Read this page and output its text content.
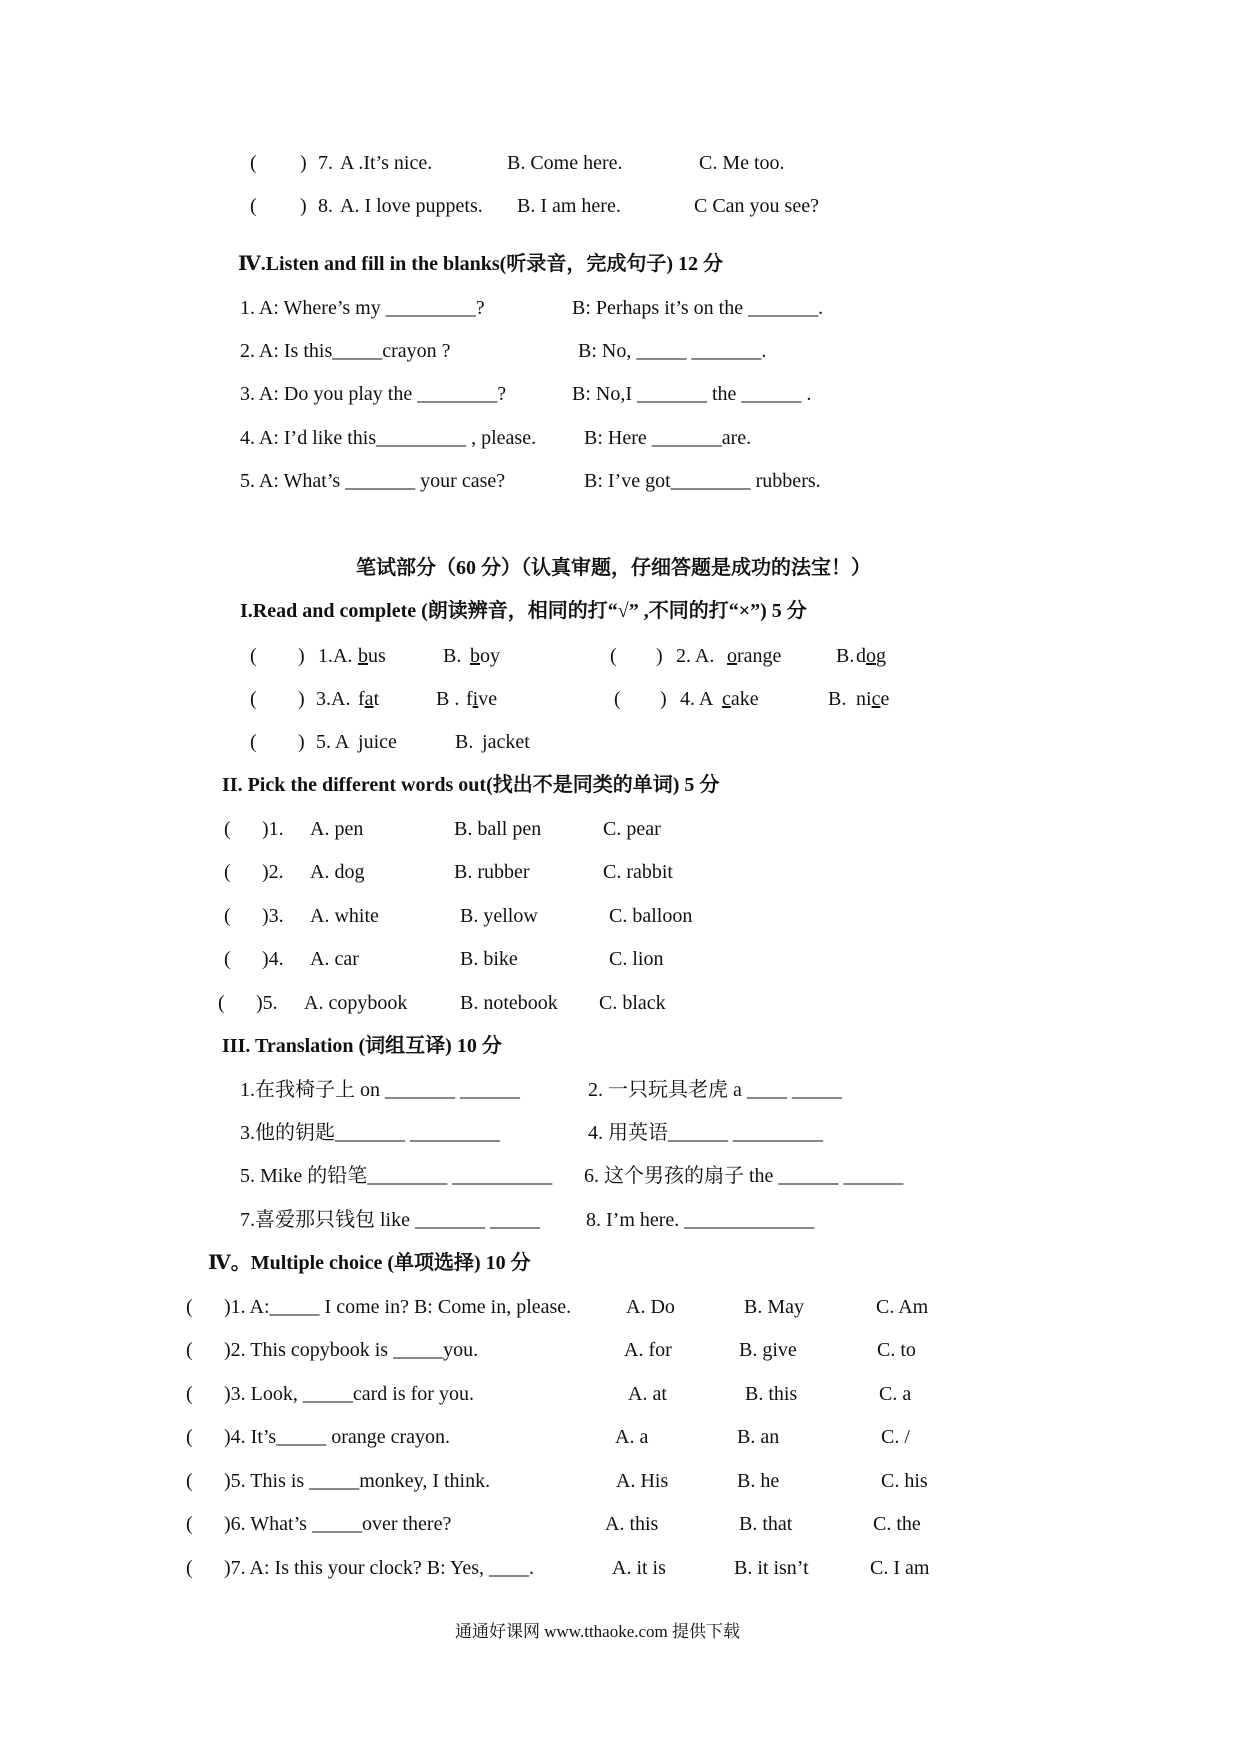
( ) 7. A .It’s nice.	B. Come here.	C. Me too.
( ) 8. A. I love puppets. B. I am here.	C Can you see?
Ⅳ.Listen and fill in the blanks(听录音，完成句子) 12 分
1. A: Where’s my _________?	B: Perhaps it’s on the _______.
2. A: Is this_____crayon ?	B: No, _____ _______.
3. A: Do you play the ________?	B: No,I _______ the ______ .
4. A: I’d like this_________ , please. B: Here _______are.
5. A: What’s _______ your case?	B: I’ve got________ rubbers.
笔试部分（60 分）（认真审题，仔细答题是成功的法宝！）
I.Read and complete (朗读辨音，相同的打“√” ,不同的打“×”) 5 分
( ) 1.A. bus	B. boy	( ) 2. A. orange	B. dog
( ) 3.A. fat	B . five	( ) 4. A cake	B. nice
( ) 5. A juice	B. jacket
II. Pick the different words out(找出不是同类的单词) 5 分
( )1. A. pen	B. ball pen	C. pear
( )2. A. dog	B. rubber	C. rabbit
( )3. A. white	B. yellow	C. balloon
( )4. A. car	B. bike	C. lion
( )5. A. copybook	B. notebook C. black
III. Translation (词组互译) 10 分
1.在我椅子上 on _______ ______	2. 一只玩具老虎 a ____ _____
3.他的钥匙_______ _________	4. 用英语______ _________
5. Mike 的铅笔________ __________ 6. 这个男孩的扇子 the ______ ______
7.喜爱那只钱包 like _______ _____ 8. I’m here. _____________
Ⅳ。Multiple choice (单项选择) 10 分
( )1. A:_____ I come in? B: Come in, please.	A. Do	B. May	C. Am
( )2. This copybook is _____you.	A. for	B. give	C. to
( )3. Look, _____card is for you.	A. at	B. this	C. a
( )4. It’s_____ orange crayon.	A. a	B. an	C. /
( )5. This is _____monkey, I think.	A. His	B. he	C. his
( )6. What’s _____over there?	A. this	B. that	C. the
( )7. A: Is this your clock? B: Yes, ____.	A. it is	B. it isn’t	C. I am
通通好课网 www.tthaoke.com 提供下载
